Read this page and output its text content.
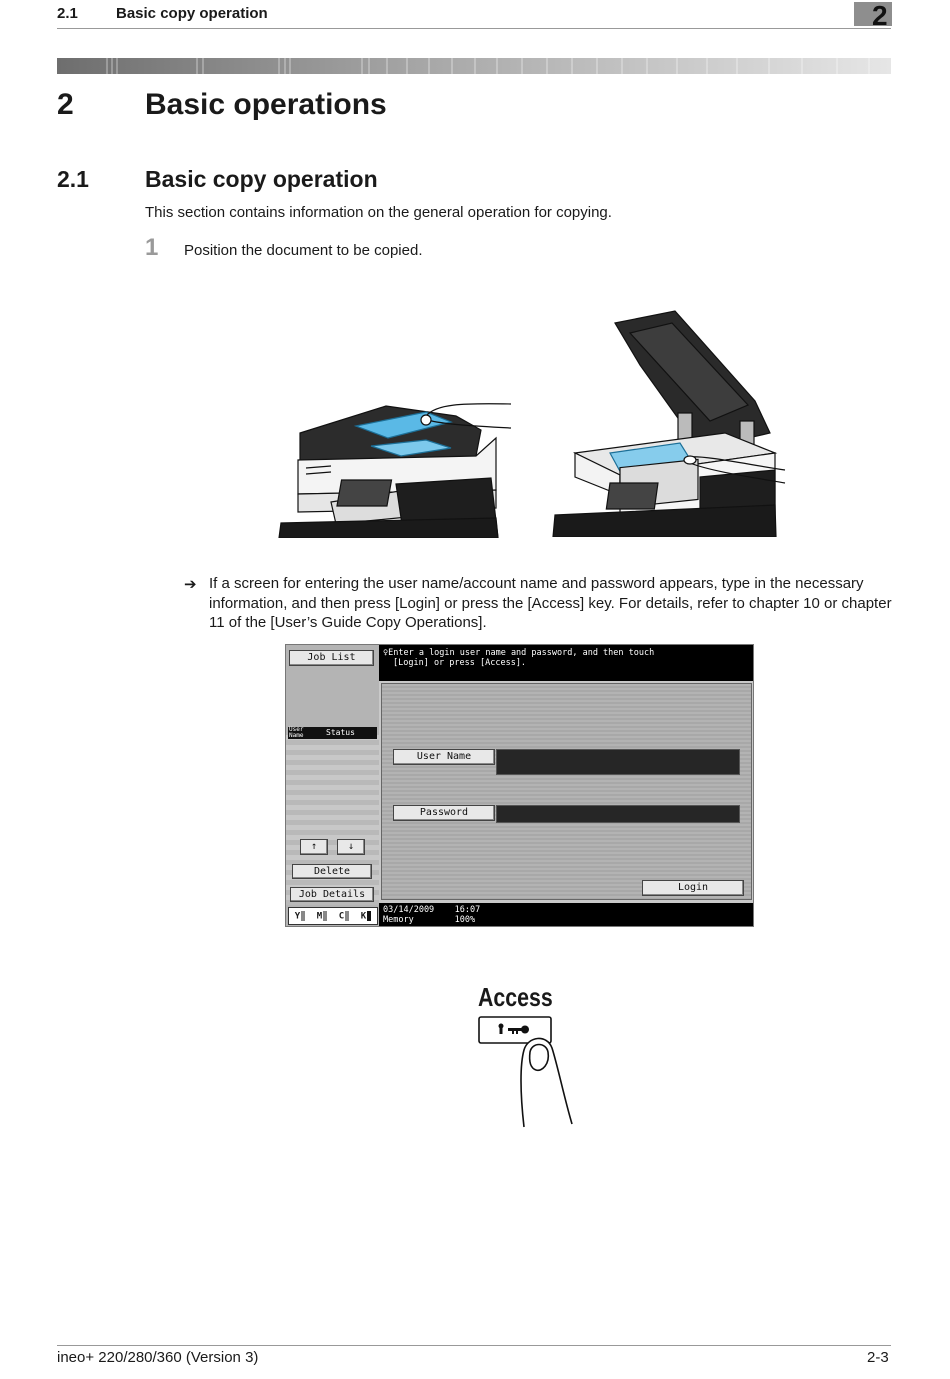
2.1	Basic copy operation	2
2 Basic operations
2.1 Basic copy operation
This section contains information on the general operation for copying.
1 Position the document to be copied.
➔ If a screen for entering the user name/account name and password appears, type in the necessary information, and then press [Login] or press the [Access] key. For details, refer to chapter 10 or chapter 11 of the [User’s Guide Copy Operations].
Job List
User Name	Status
↑	↓
Delete
Job Details
Y	M	C	K
♀Enter a login user name and password, and then touch
[Login] or press [Access].
User Name
Password
Login
03/14/2009 16:07
Memory	100%
Access
ineo+ 220/280/360 (Version 3)	2-3
